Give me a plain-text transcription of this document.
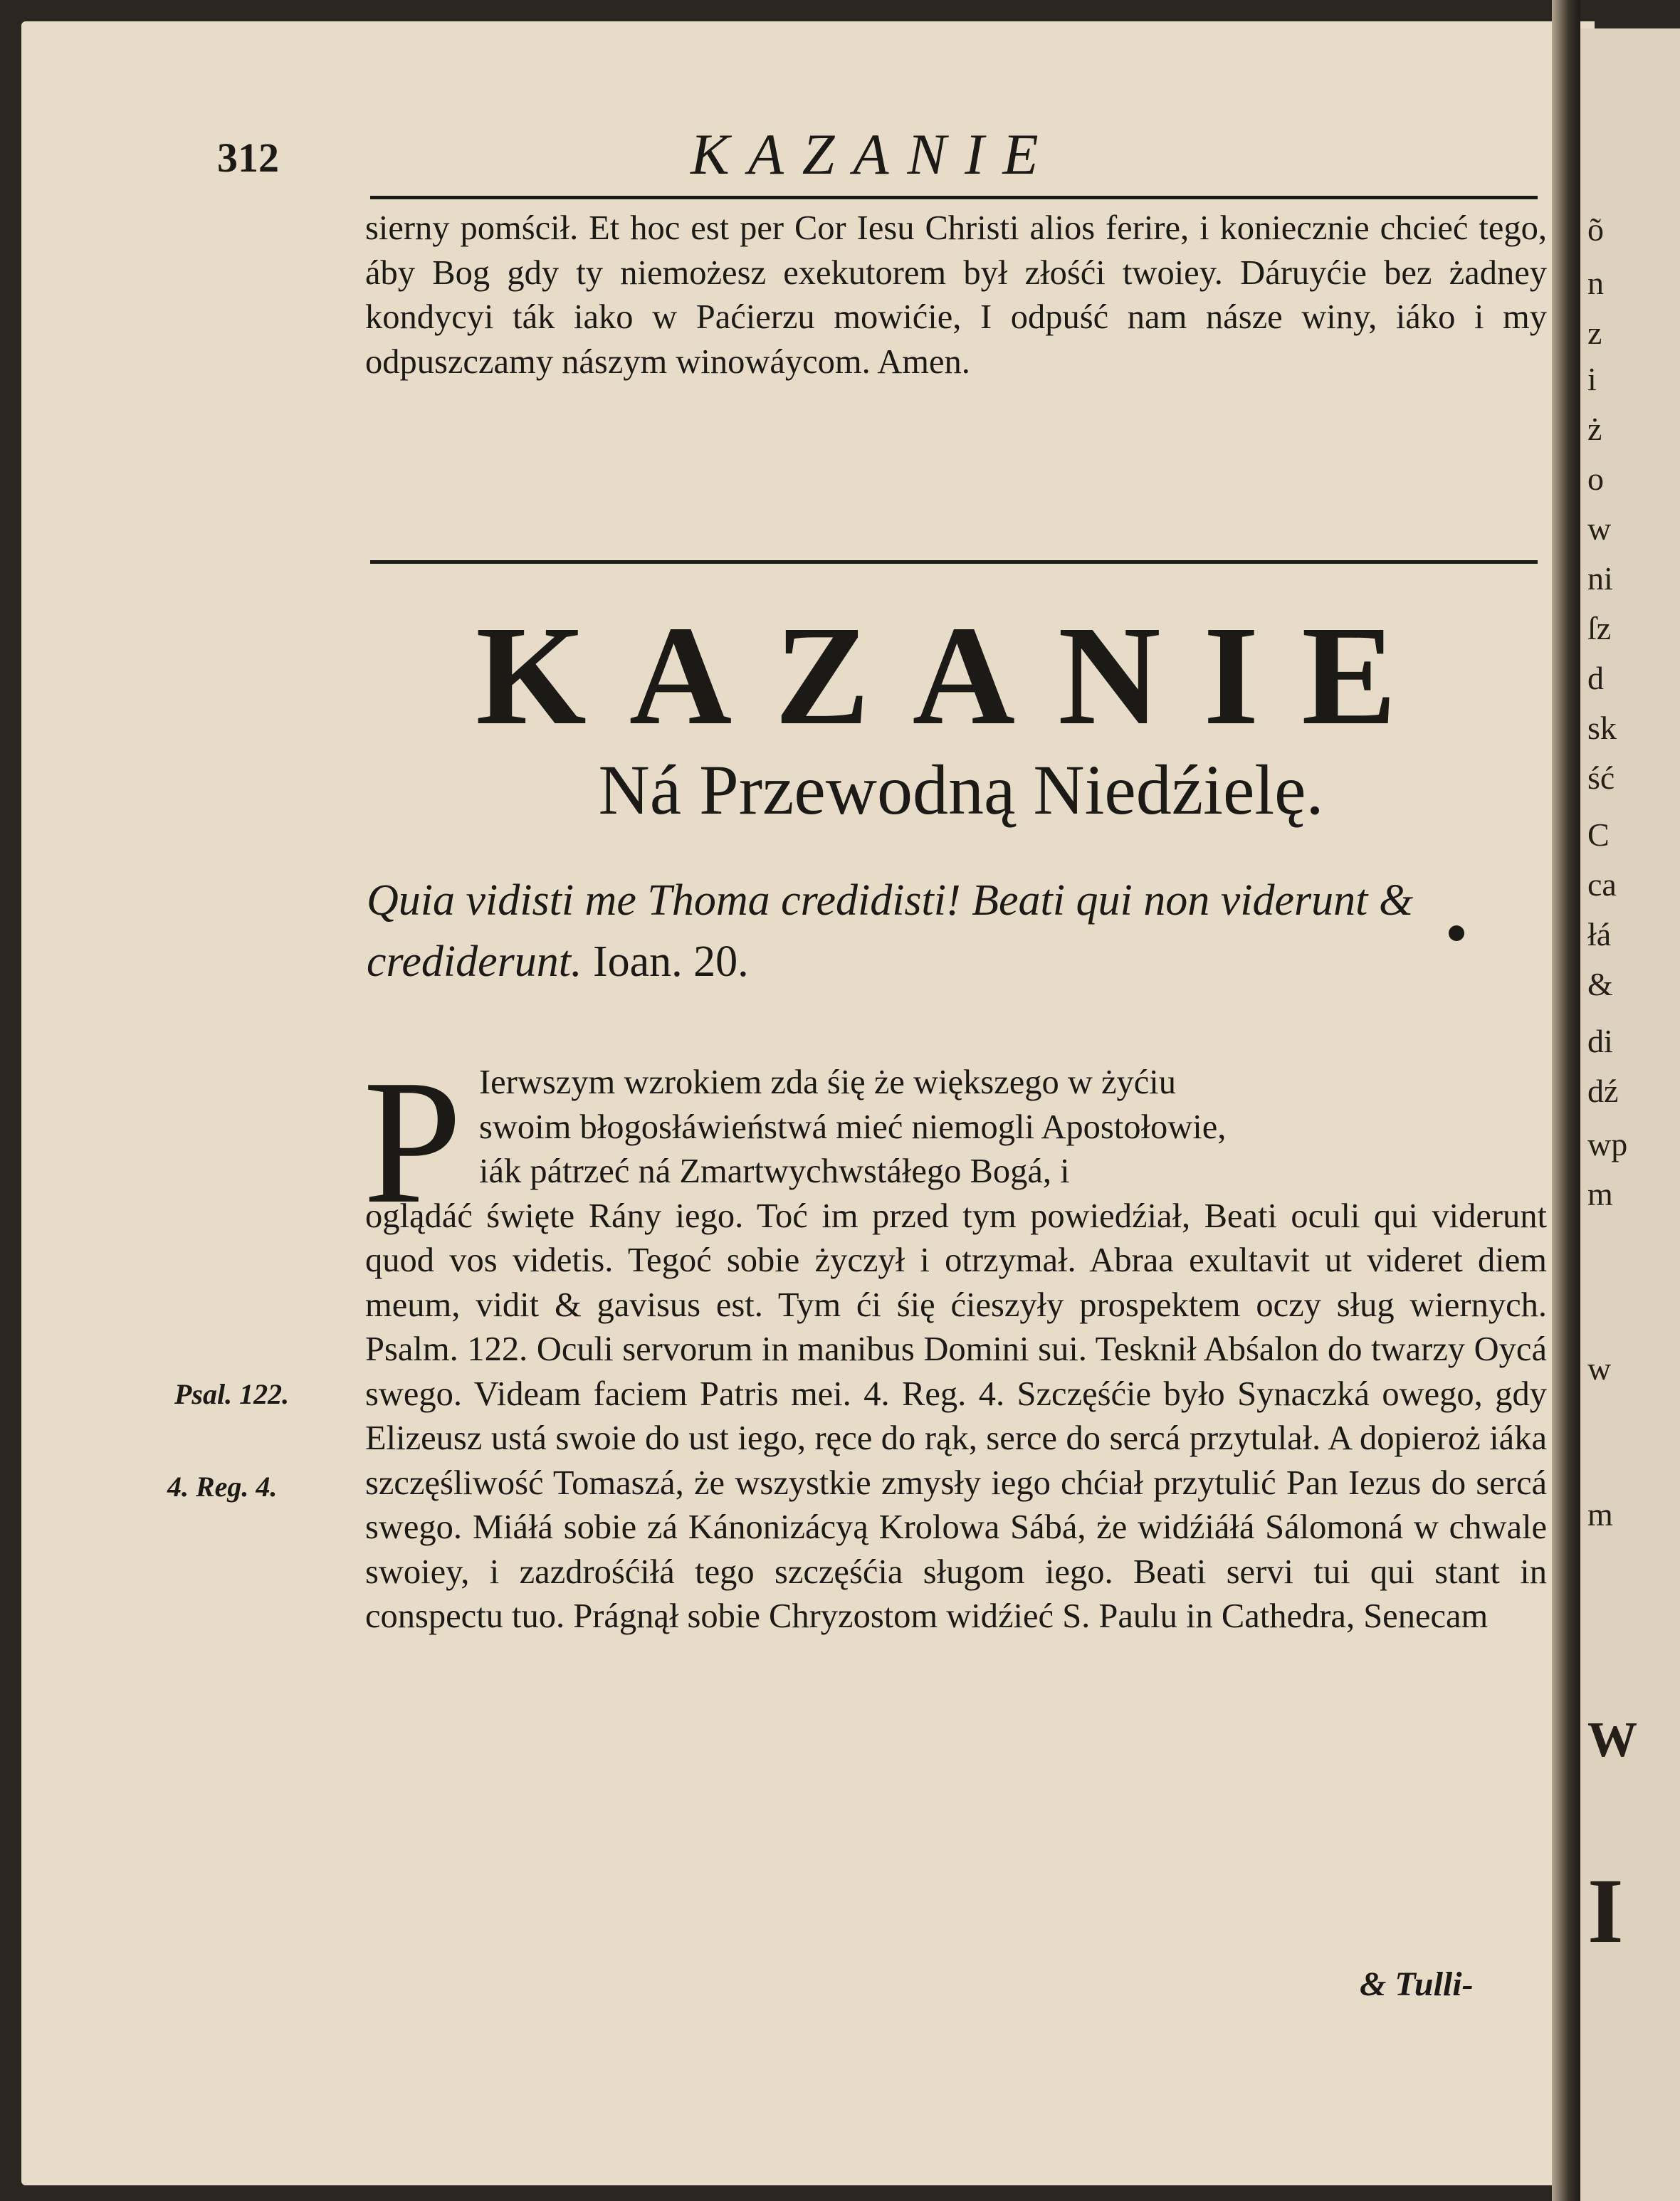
312	KAZANIE
sierny pomścił. Et hoc est per Cor Iesu Christi alios ferire, i koniecznie chcieć tego, áby Bog gdy ty niemożesz exekutorem był złośći twoiey. Dáruyćie bez żadney kondycyi ták iako w Paćierzu mowićie, I odpuść nam násze winy, iáko i my odpuszczamy nászym winowáycom. Amen.
KAZANIE
Ná Przewodną Niedźielę.
Quia vidisti me Thoma credidisti! Beati qui non viderunt & crediderunt. Ioan. 20.
P Ierwszym wzrokiem zda śię że większego w żyćiu
swoim błogosłáwieństwá mieć niemogli Apostołowie,
iák pátrzeć ná Zmartwychwstáłego Bogá, i
oglądáć święte Rány iego. Toć im przed tym powiedźiał, Beati oculi qui viderunt quod vos videtis. Tegoć sobie życzył i otrzymał. Abraa exultavit ut videret diem meum, vidit & gavisus est. Tym ći śię ćieszyły prospektem oczy sług wiernych. Psalm. 122. Oculi servorum in manibus Domini sui. Tesknił Abśalon do twarzy Oycá swego. Videam faciem Patris mei. 4. Reg. 4. Szczęśćie było Synaczká owego, gdy Elizeusz ustá swoie do ust iego, ręce do rąk, serce do sercá przytulał. A dopieroż iáka szczęśliwość Tomaszá, że wszystkie zmysły iego chćiał przytulić Pan Iezus do sercá swego. Miáłá sobie zá Kánonizácyą Krolowa Sábá, że widźiáłá Sálomoná w chwale swoiey, i zazdrośćiłá tego szczęśćia sługom iego. Beati servi tui qui stant in conspectu tuo. Prágnął sobie Chryzostom widźieć S. Paulu in Cathedra, Senecam
& Tulli-
Psal. 122.
4. Reg. 4.
õ
n
z
i
ż
o
w
ni
ſz
d
sk
ść
C
ca
łá
&
di
dź
wp
m
w
m
W
I
